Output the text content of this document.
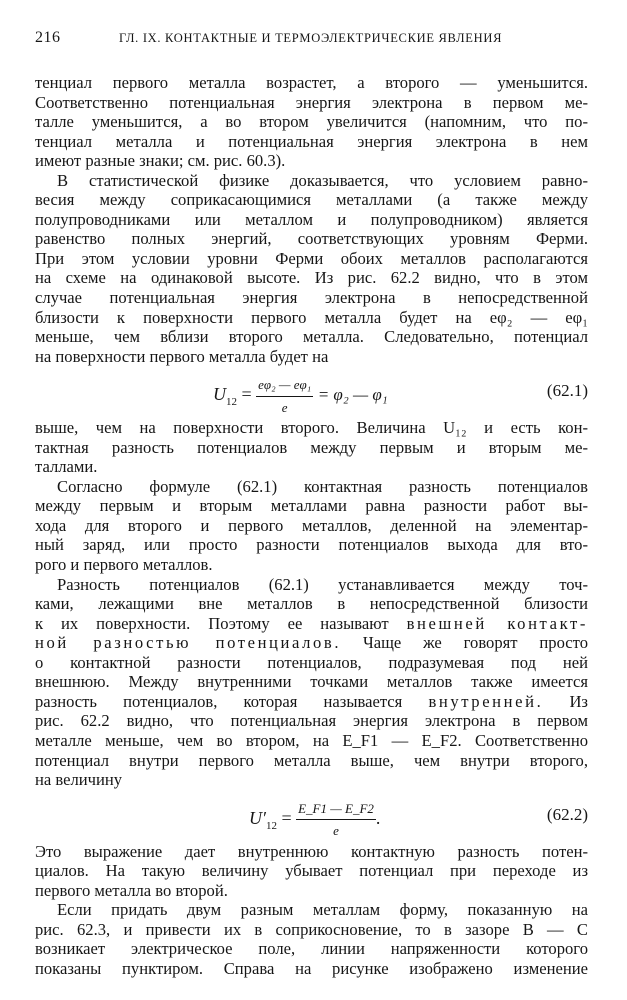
216	ГЛ. IX. КОНТАКТНЫЕ И ТЕРМОЭЛЕКТРИЧЕСКИЕ ЯВЛЕНИЯ
тенциал первого металла возрастет, а второго — уменьшится.
Соответственно потенциальная энергия электрона в первом ме-
талле уменьшится, а во втором увеличится (напомним, что по-
тенциал металла и потенциальная энергия электрона в нем
имеют разные знаки; см. рис. 60.3).
В статистической физике доказывается, что условием равно-
весия между соприкасающимися металлами (а также между
полупроводниками или металлом и полупроводником) является
равенство полных энергий, соответствующих уровням Ферми.
При этом условии уровни Ферми обоих металлов располагаются
на схеме на одинаковой высоте. Из рис. 62.2 видно, что в этом
случае потенциальная энергия электрона в непосредственной
близости к поверхности первого металла будет на eφ₂ — eφ₁
меньше, чем вблизи второго металла. Следовательно, потенциал
на поверхности первого металла будет на
$U_{12} = \frac{\text{eφ₂ — eφ₁}}{e} = \varphi_2$ — φ₁	(62.1)
выше, чем на поверхности второго. Величина U₁₂ и есть кон-
тактная разность потенциалов между первым и вторым ме-
таллами.
Согласно формуле (62.1) контактная разность потенциалов
между первым и вторым металлами равна разности работ вы-
хода для второго и первого металлов, деленной на элементар-
ный заряд, или просто разности потенциалов выхода для вто-
рого и первого металлов.
Разность потенциалов (62.1) устанавливается между точ-
ками, лежащими вне металлов в непосредственной близости
к их поверхности. Поэтому ее называют внешней контакт-
ной разностью потенциалов. Чаще же говорят просто
о контактной разности потенциалов, подразумевая под ней
внешнюю. Между внутренними точками металлов также имеется
разность потенциалов, которая называется внутренней. Из
рис. 62.2 видно, что потенциальная энергия электрона в первом
металле меньше, чем во втором, на E_F1 — E_F2. Соответственно
потенциал внутри первого металла выше, чем внутри второго,
на величину
$U'_{12} = \frac{E\_F1 — E\_F2}{e}$ .	(62.2)
Это выражение дает внутреннюю контактную разность потен-
циалов. На такую величину убывает потенциал при переходе из
первого металла во второй.
Если придать двум разным металлам форму, показанную на
рис. 62.3, и привести их в соприкосновение, то в зазоре B — C
возникает электрическое поле, линии напряженности которого
показаны пунктиром. Справа на рисунке изображено изменение
